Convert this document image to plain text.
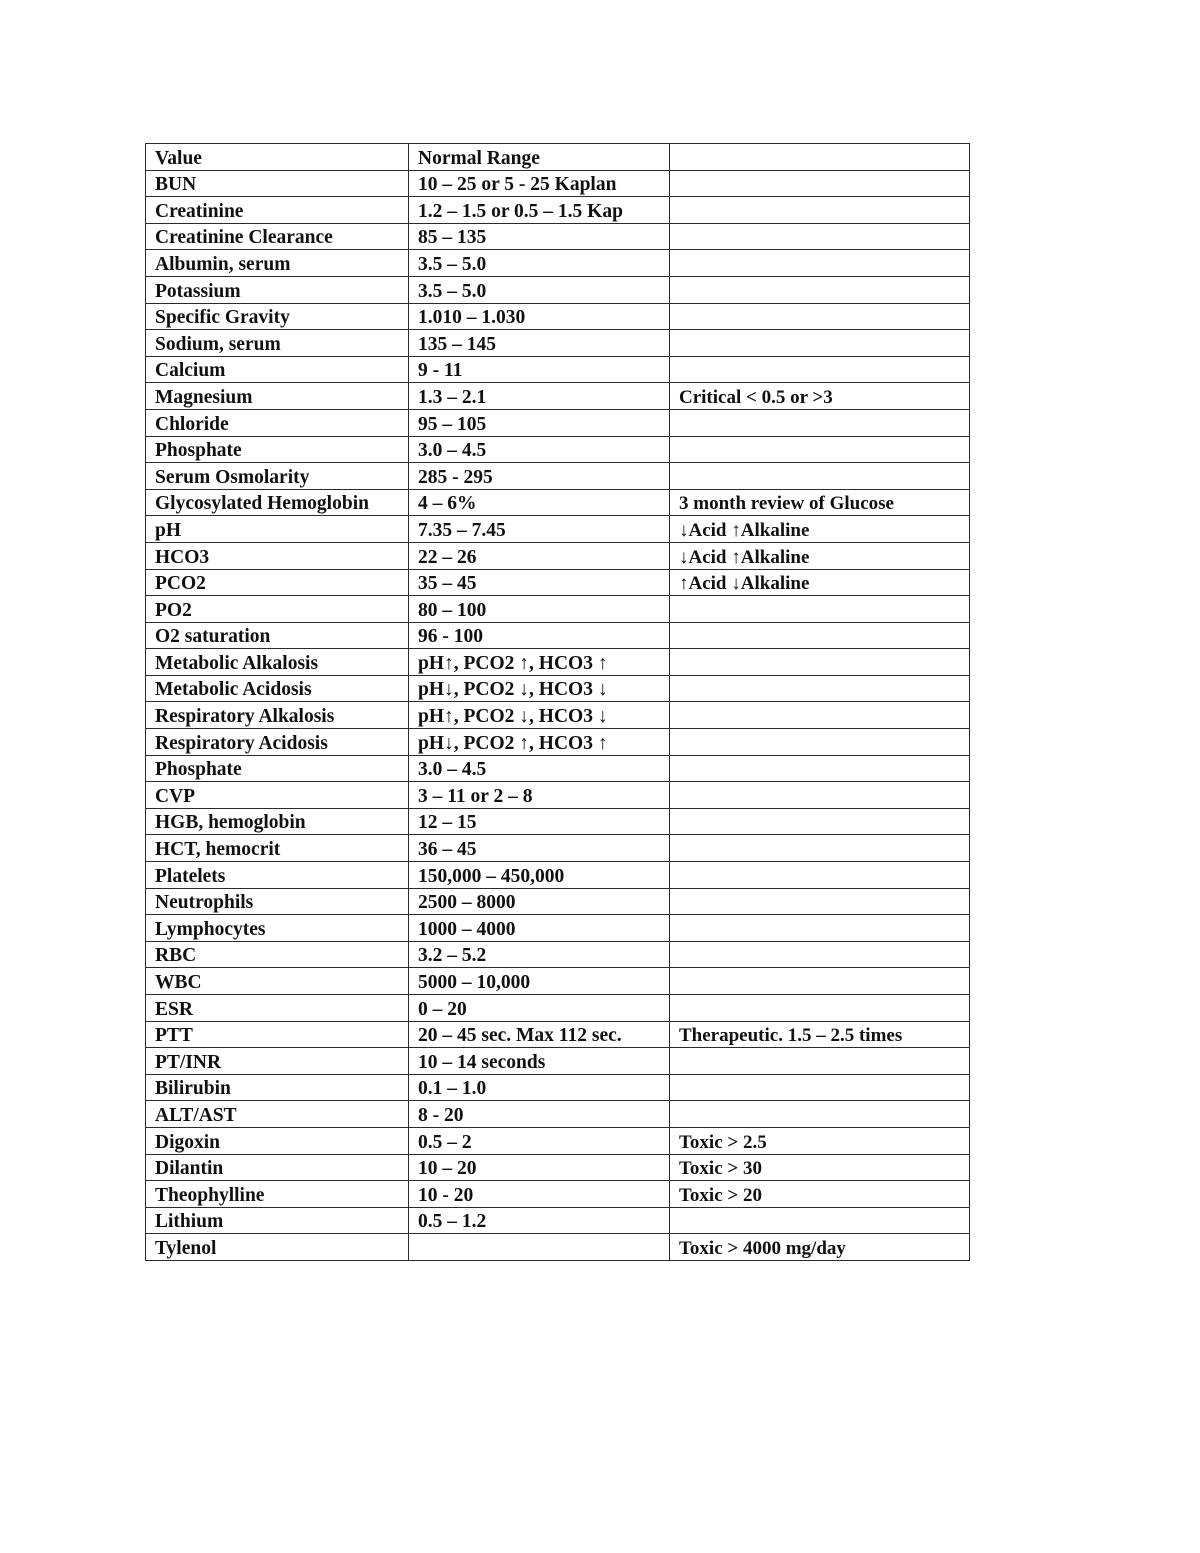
Value	Normal Range	
BUN	10 – 25 or 5 - 25 Kaplan	
Creatinine	1.2 – 1.5 or 0.5 – 1.5 Kap	
Creatinine Clearance	85 – 135	
Albumin, serum	3.5 – 5.0	
Potassium	3.5 – 5.0	
Specific Gravity	1.010 – 1.030	
Sodium, serum	135 – 145	
Calcium	9 - 11	
Magnesium	1.3 – 2.1	Critical < 0.5 or >3
Chloride	95 – 105	
Phosphate	3.0 – 4.5	
Serum Osmolarity	285 - 295	
Glycosylated Hemoglobin	4 – 6%	3 month review of Glucose
pH	7.35 – 7.45	↓Acid ↑Alkaline
HCO3	22 – 26	↓Acid ↑Alkaline
PCO2	35 – 45	↑Acid ↓Alkaline
PO2	80 – 100	
O2 saturation	96 - 100	
Metabolic Alkalosis	pH↑, PCO2 ↑, HCO3 ↑	
Metabolic Acidosis	pH↓, PCO2 ↓, HCO3 ↓	
Respiratory Alkalosis	pH↑, PCO2 ↓, HCO3 ↓	
Respiratory Acidosis	pH↓, PCO2 ↑, HCO3 ↑	
Phosphate	3.0 – 4.5	
CVP	3 – 11 or 2 – 8	
HGB, hemoglobin	12 – 15	
HCT, hemocrit	36 – 45	
Platelets	150,000 – 450,000	
Neutrophils	2500 – 8000	
Lymphocytes	1000 – 4000	
RBC	3.2 – 5.2	
WBC	5000 – 10,000	
ESR	0 – 20	
PTT	20 – 45 sec. Max 112 sec.	Therapeutic. 1.5 – 2.5 times
PT/INR	10 – 14 seconds	
Bilirubin	0.1 – 1.0	
ALT/AST	8 - 20	
Digoxin	0.5 – 2	Toxic > 2.5
Dilantin	10 – 20	Toxic > 30
Theophylline	10 - 20	Toxic > 20
Lithium	0.5 – 1.2	
Tylenol		Toxic > 4000 mg/day
